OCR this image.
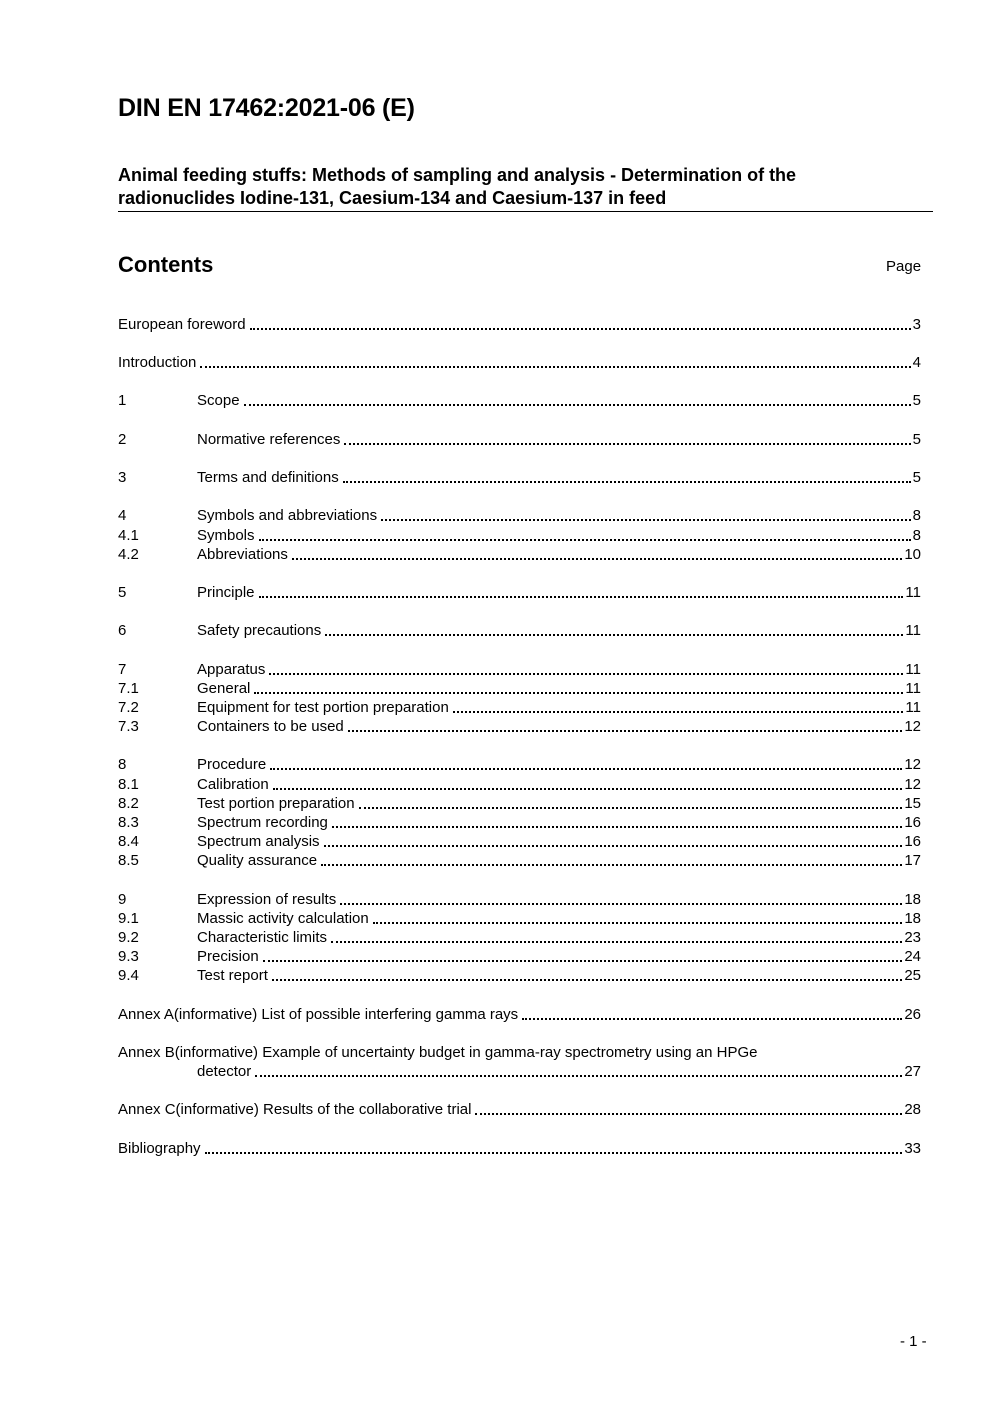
DIN EN 17462:2021-06 (E)
Animal feeding stuffs: Methods of sampling and analysis - Determination of the
radionuclides Iodine-131, Caesium-134 and Caesium-137 in feed
Contents	Page
European foreword	3
Introduction	4
1	Scope	5
2	Normative references	5
3	Terms and definitions	5
4	Symbols and abbreviations	8
4.1	Symbols	8
4.2	Abbreviations	10
5	Principle	11
6	Safety precautions	11
7	Apparatus	11
7.1	General	11
7.2	Equipment for test portion preparation	11
7.3	Containers to be used	12
8	Procedure	12
8.1	Calibration	12
8.2	Test portion preparation	15
8.3	Spectrum recording	16
8.4	Spectrum analysis	16
8.5	Quality assurance	17
9	Expression of results	18
9.1	Massic activity calculation	18
9.2	Characteristic limits	23
9.3	Precision	24
9.4	Test report	25
Annex A(informative) List of possible interfering gamma rays	26
Annex B(informative) Example of uncertainty budget in gamma-ray spectrometry using an HPGe
detector	27
Annex C(informative) Results of the collaborative trial	28
Bibliography	33
- 1 -
